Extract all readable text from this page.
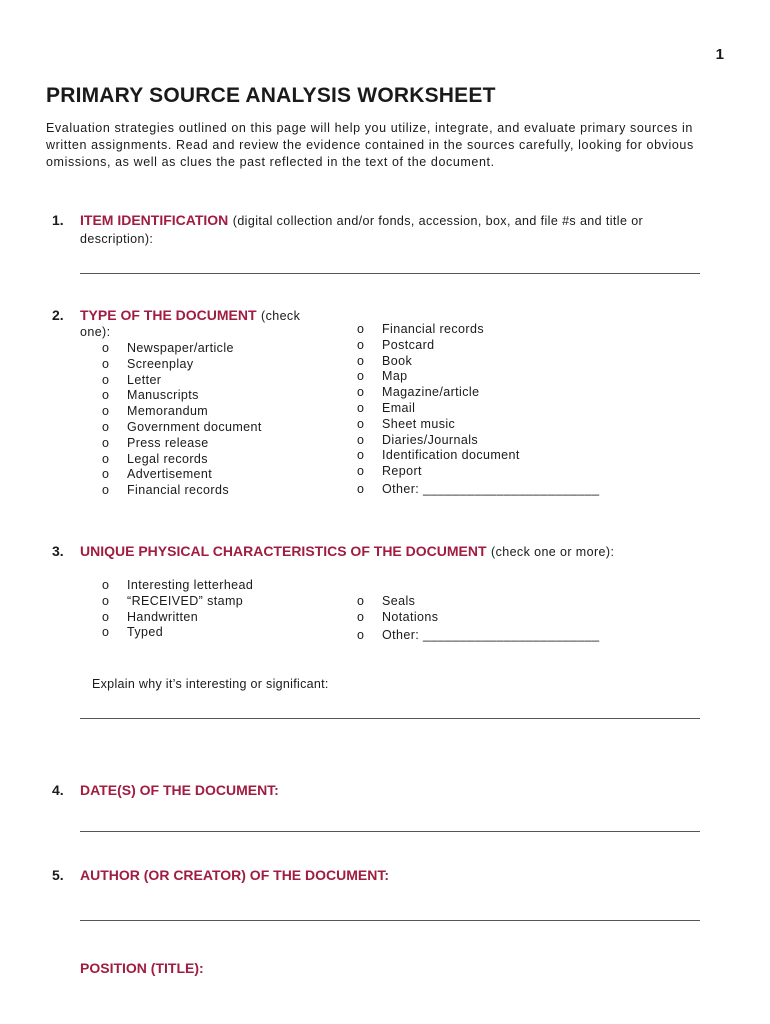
1
PRIMARY SOURCE ANALYSIS WORKSHEET
Evaluation strategies outlined on this page will help you utilize, integrate, and evaluate primary sources in written assignments. Read and review the evidence contained in the sources carefully, looking for obvious omissions, as well as clues the past reflected in the text of the document.
1. ITEM IDENTIFICATION (digital collection and/or fonds, accession, box, and file #s and title or
description):
2. TYPE OF THE DOCUMENT (check
one):
o Newspaper/article
o Screenplay
o Letter
o Manuscripts
o Memorandum
o Government document
o Press release
o Legal records
o Advertisement
o Financial records
o Financial records
o Postcard
o Book
o Map
o Magazine/article
o Email
o Sheet music
o Diaries/Journals
o Identification document
o Report
o Other: ________________________
3. UNIQUE PHYSICAL CHARACTERISTICS OF THE DOCUMENT (check one or more):
o Interesting letterhead
o “RECEIVED” stamp
o Handwritten
o Typed
o Seals
o Notations
o Other: ________________________
Explain why it’s interesting or significant:
4. DATE(S) OF THE DOCUMENT:
5. AUTHOR (OR CREATOR) OF THE DOCUMENT:
POSITION (TITLE):
